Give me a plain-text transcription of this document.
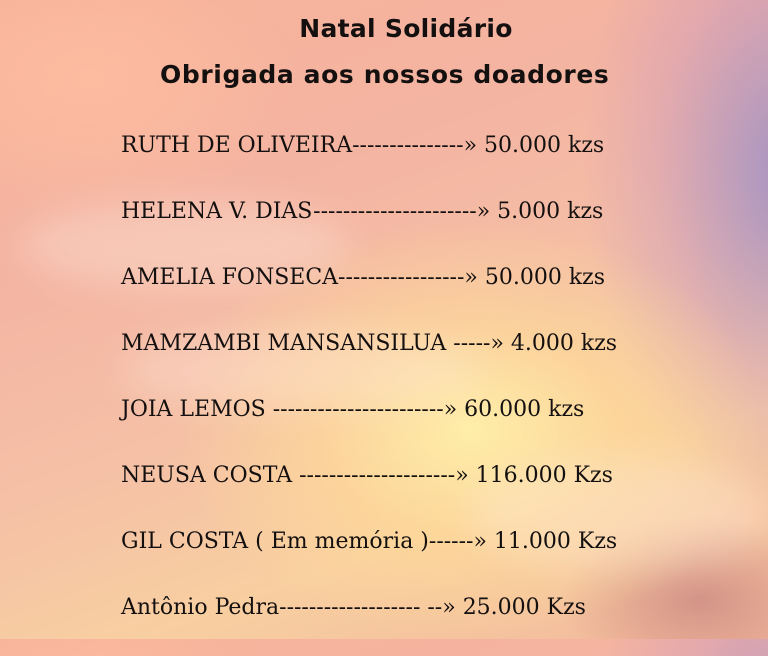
Natal Solidário
Obrigada aos nossos doadores
RUTH DE OLIVEIRA---------------» 50.000 kzs
HELENA V. DIAS----------------------» 5.000 kzs
AMELIA FONSECA-----------------» 50.000 kzs
MAMZAMBI MANSANSILUA -----» 4.000 kzs
JOIA LEMOS -----------------------» 60.000 kzs
NEUSA COSTA ---------------------» 116.000 Kzs
GIL COSTA ( Em memória )------» 11.000 Kzs
Antônio Pedra------------------- --» 25.000 Kzs
